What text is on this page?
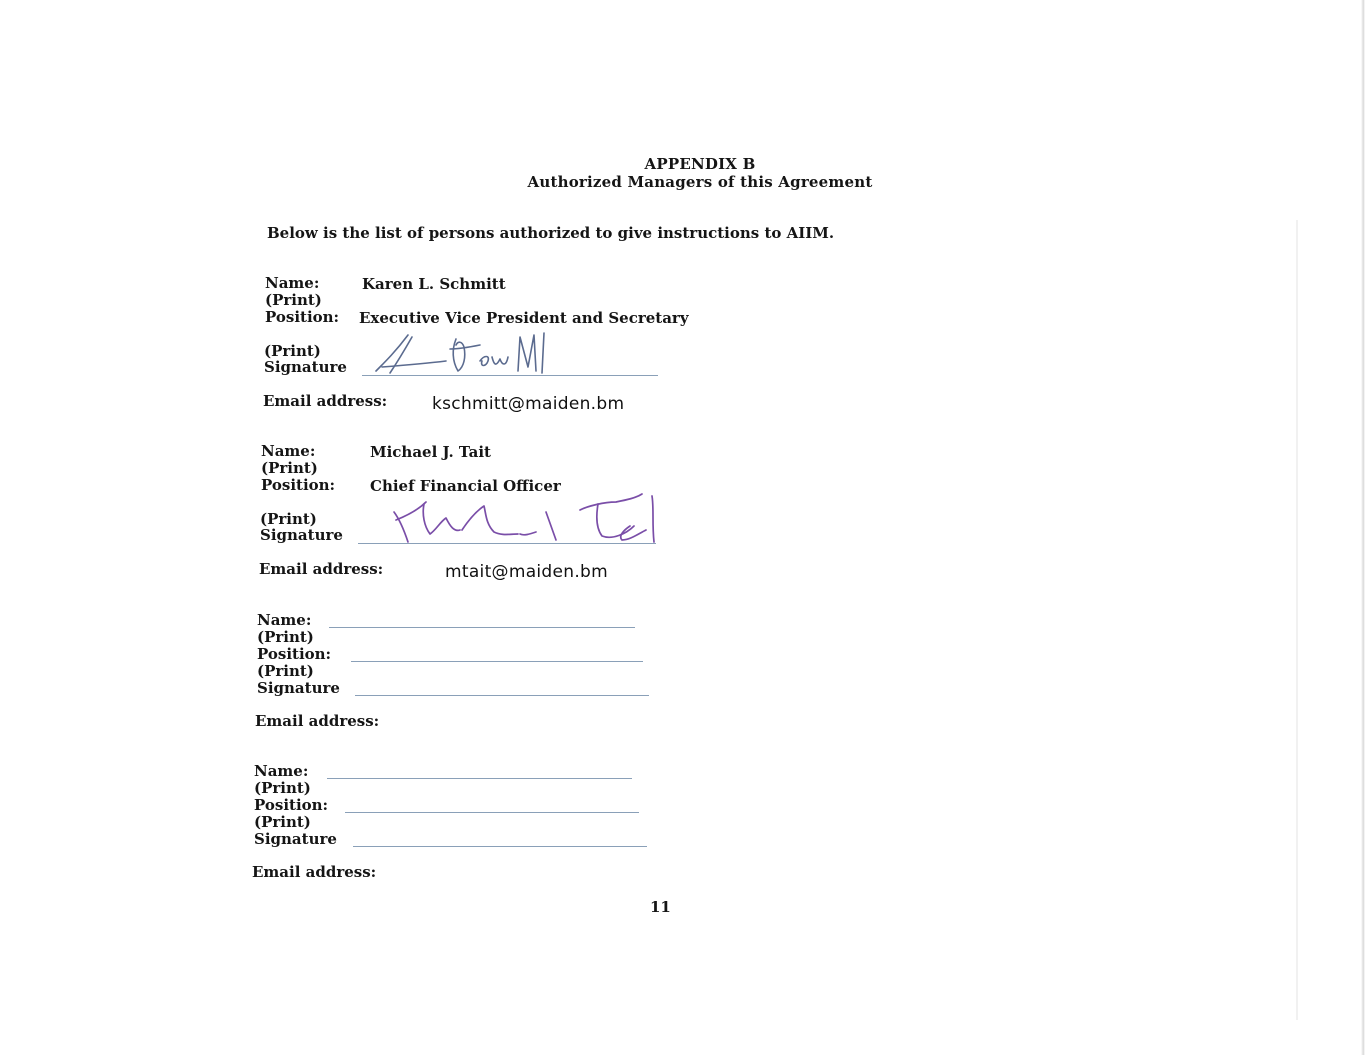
APPENDIX B
Authorized Managers of this Agreement
Below is the list of persons authorized to give instructions to AIIM.
Name:	Karen L. Schmitt
(Print)
Position: Executive Vice President and Secretary
(Print)
Signature
Email address:	kschmitt@maiden.bm
Name:	Michael J. Tait
(Print)
Position: Chief Financial Officer
(Print)
Signature
Email address:	mtait@maiden.bm
Name:
(Print)
Position:
(Print)
Signature
Email address:
Name:
(Print)
Position:
(Print)
Signature
Email address:
11
